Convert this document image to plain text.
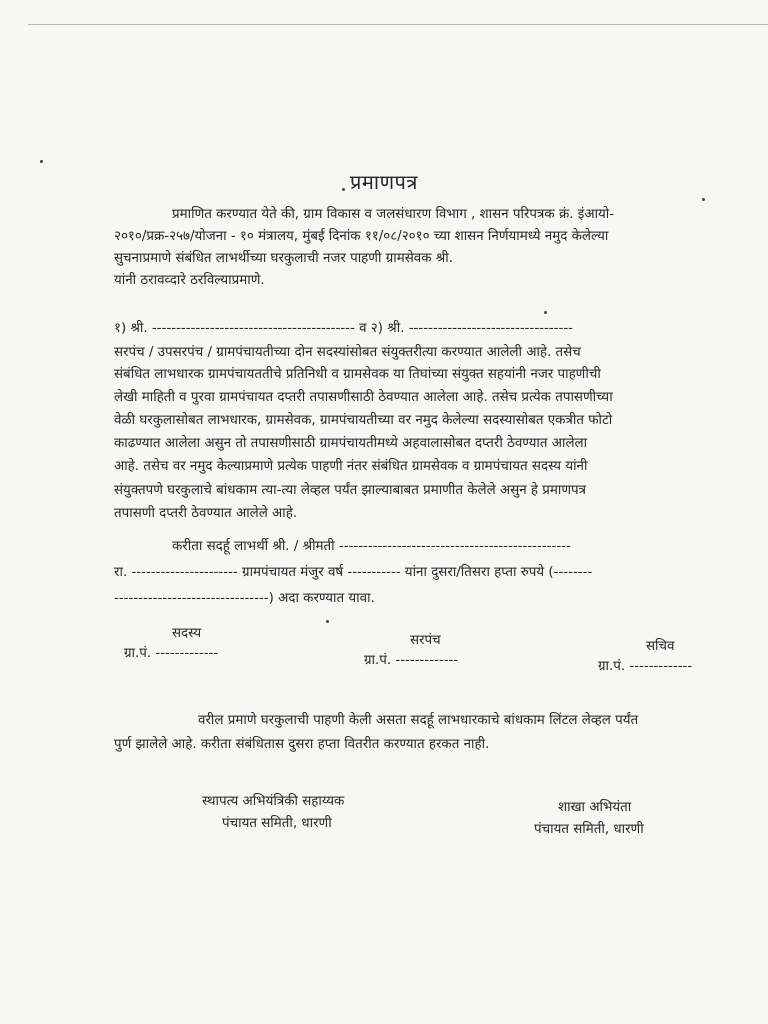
प्रमाणपत्र
प्रमाणित करण्यात येते की, ग्राम विकास व जलसंधारण विभाग , शासन परिपत्रक क्रं. इंआयो-
२०१०/प्रक्र-२५७/योजना - १० मंत्रालय, मुंबई दिनांक ११/०८/२०१० च्या शासन निर्णयामध्ये नमुद केलेल्या
सुचनाप्रमाणे संबंधित लाभर्थीच्या घरकुलाची नजर पाहणी ग्रामसेवक श्री.
यांनी ठरावव्दारे ठरविल्याप्रमाणे.
१) श्री. ------------------------------------------ व २) श्री. ----------------------------------
सरपंच / उपसरपंच / ग्रामपंचायतीच्या दोन सदस्यांसोबत संयुक्तरीत्या करण्यात आलेली आहे. तसेच
संबंधित लाभधारक ग्रामपंचायततीचे प्रतिनिधी व ग्रामसेवक या तिघांच्या संयुक्त सहयांनी नजर पाहणीची
लेखी माहिती व पुरवा ग्रामपंचायत दप्तरी तपासणीसाठी ठेवण्यात आलेला आहे. तसेच प्रत्येक तपासणीच्या
वेळी घरकुलासोबत लाभधारक, ग्रामसेवक, ग्रामपंचायतीच्या वर नमुद केलेल्या सदस्यासोबत एकत्रीत फोटो
काढण्यात आलेला असुन तो तपासणीसाठी ग्रामपंचायतीमध्ये अहवालासोबत दप्तरी ठेवण्यात आलेला
आहे. तसेच वर नमुद केल्याप्रमाणे प्रत्येक पाहणी नंतर संबंधित ग्रामसेवक व ग्रामपंचायत सदस्य यांनी
संयुक्तपणे घरकुलाचे बांधकाम त्या-त्या लेव्हल पर्यंत झाल्याबाबत प्रमाणीत केलेले असुन हे प्रमाणपत्र
तपासणी दप्तरी ठेवण्यात आलेले आहे.
करीता सदर्हू लाभर्थी श्री. / श्रीमती ------------------------------------------------
रा. ---------------------- ग्रामपंचायत मंजुर वर्ष ----------- यांना दुसरा/तिसरा हप्ता रुपये (--------
--------------------------------) अदा करण्यात यावा.
सदस्य
ग्रा.पं. -------------
सरपंच
ग्रा.पं. -------------
सचिव
ग्रा.पं. -------------
वरील प्रमाणे घरकुलाची पाहणी केली असता सदर्हू लाभधारकाचे बांधकाम लिंटल लेव्हल पर्यंत
पुर्ण झालेले आहे. करीता संबंधितास दुसरा हप्ता वितरीत करण्यात हरकत नाही.
स्थापत्य अभियंत्रिकी सहाय्यक
पंचायत समिती, धारणी
शाखा अभियंता
पंचायत समिती, धारणी
